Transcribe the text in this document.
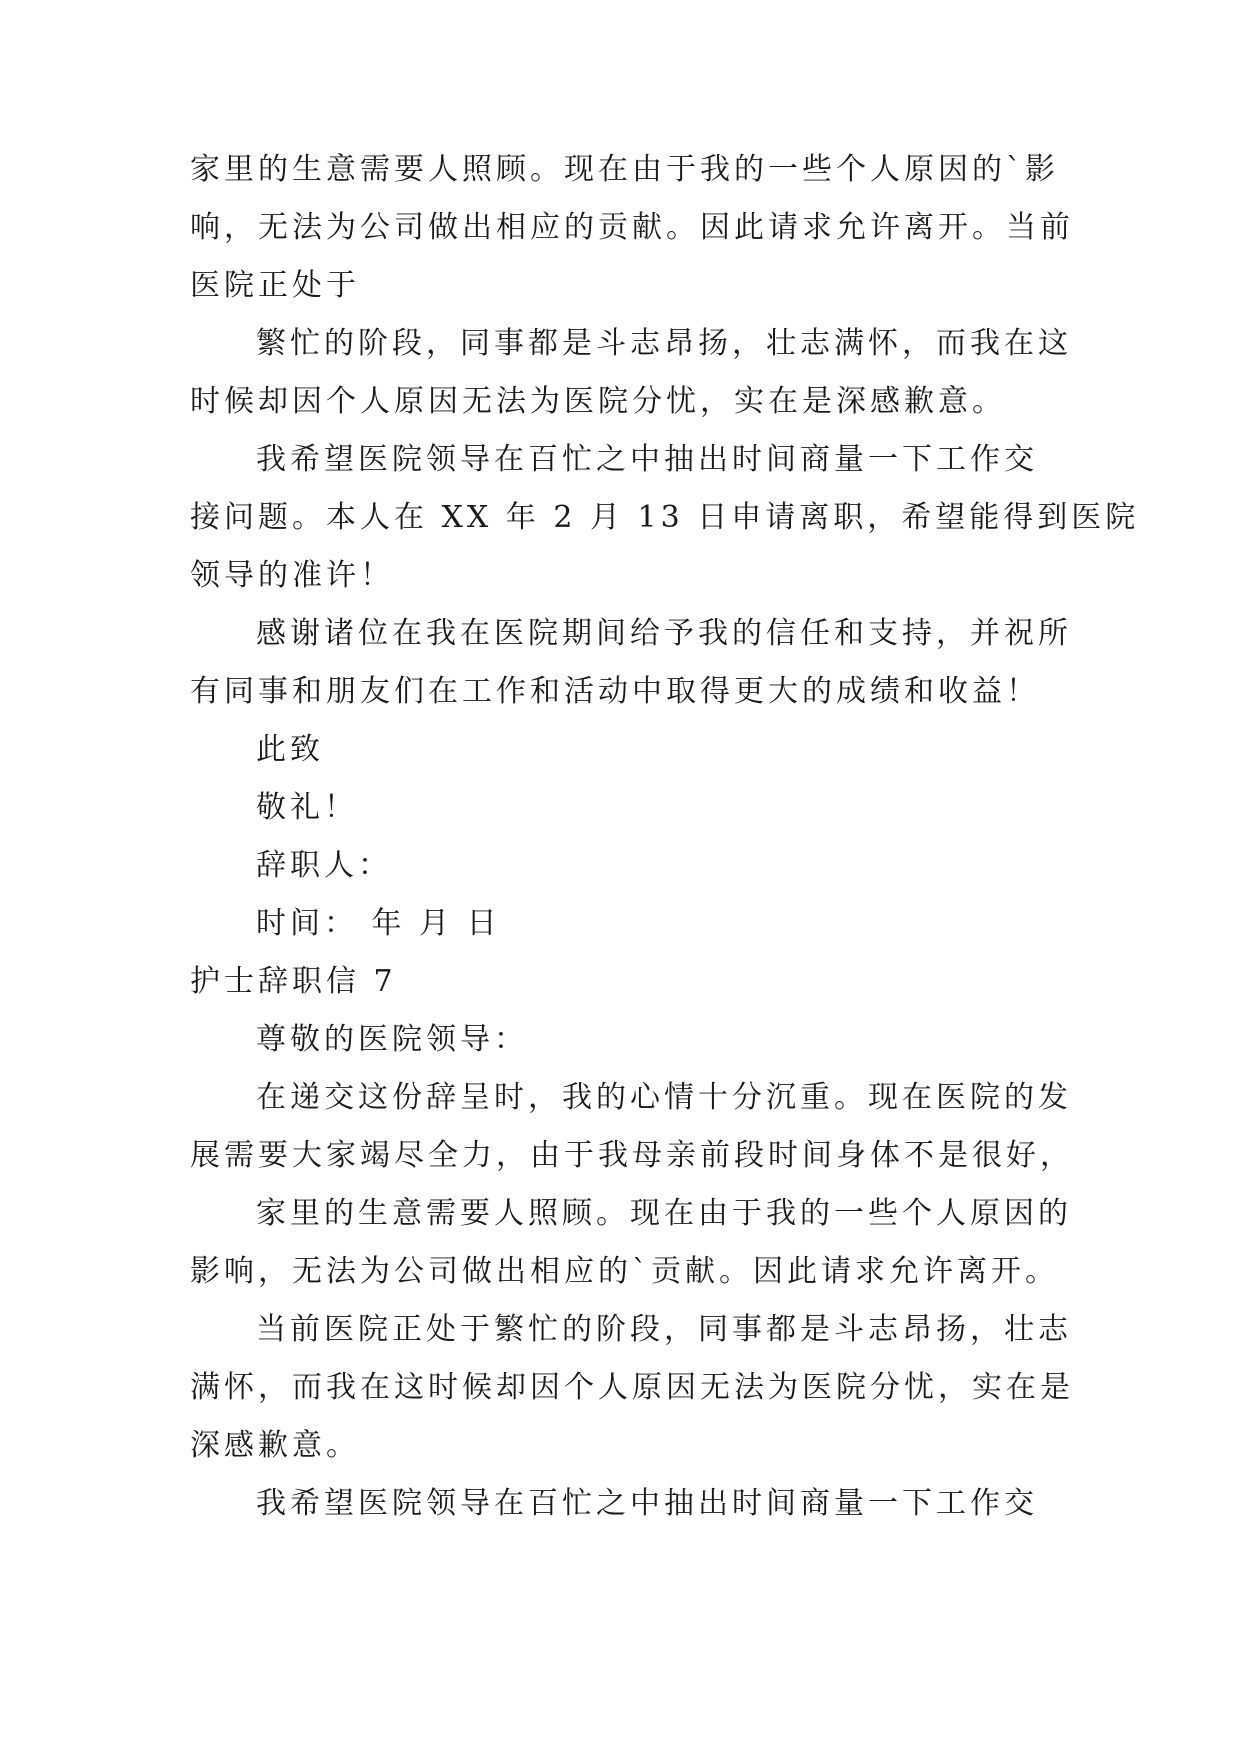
家里的生意需要人照顾。现在由于我的一些个人原因的`影
响，无法为公司做出相应的贡献。因此请求允许离开。当前
医院正处于
繁忙的阶段，同事都是斗志昂扬，壮志满怀，而我在这
时候却因个人原因无法为医院分忧，实在是深感歉意。
我希望医院领导在百忙之中抽出时间商量一下工作交
接问题。本人在 XX 年 2 月 13 日申请离职，希望能得到医院
领导的准许！
感谢诸位在我在医院期间给予我的信任和支持，并祝所
有同事和朋友们在工作和活动中取得更大的成绩和收益！
此致
敬礼！
辞职人：
时间： 年 月 日
护士辞职信 7
尊敬的医院领导：
在递交这份辞呈时，我的心情十分沉重。现在医院的发
展需要大家竭尽全力，由于我母亲前段时间身体不是很好，
家里的生意需要人照顾。现在由于我的一些个人原因的
影响，无法为公司做出相应的`贡献。因此请求允许离开。
当前医院正处于繁忙的阶段，同事都是斗志昂扬，壮志
满怀，而我在这时候却因个人原因无法为医院分忧，实在是
深感歉意。
我希望医院领导在百忙之中抽出时间商量一下工作交
